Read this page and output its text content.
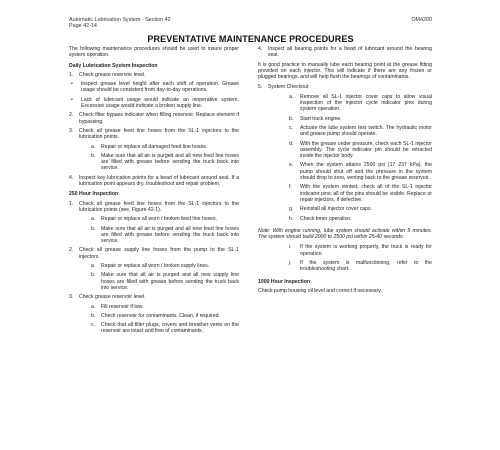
Automatic Lubrication System - Section 42
Page 42-14
OM4200
PREVENTATIVE MAINTENANCE PROCEDURES

The following maintenance procedures should be used to insure proper system operation.

Daily Lubrication System Inspection
1.	Check grease reservoir level.
•	Inspect grease level height after each shift of operation. Grease usage should be consistent from day-to-day operations.
•	Lack of lubricant usage would indicate an inoperative system. Excessive usage would indicate a broken supply line.
2.	Check filter bypass indicator when filling reservoir. Replace element if bypassing.
3.	Check all grease feed line hoses from the SL-1 injectors to the lubrication points.
a.	Repair or replace all damaged feed line hoses.
b.	Make sure that all air is purged and all new feed line hoses are filled with grease before sending the truck back into service.
4.	Inspect key lubrication points for a bead of lubricant around seal. If a lubrication point appears dry, troubleshoot and repair problem.
250 Hour Inspection
1.	Check all grease feed line hoses from the SL-1 injectors to the lubrication points (see, Figure 42-1).
a.	Repair or replace all worn / broken feed line hoses.
b.	Make sure that all air is purged and all new feed line hoses are filled with grease before sending the truck back into service.
2.	Check all grease supply line hoses from the pump to the SL-1 injectors.
a.	Repair or replace all worn / broken supply lines.
b.	Make sure that all air is purged and all new supply line hoses are filled with grease before sending the truck back into service.
3.	Check grease reservoir level.
a.	Fill reservoir if low.
b.	Check reservoir for contaminants. Clean, if required.
c.	Check that all filler plugs, covers and breather vents on the reservoir are intact and free of contaminants.
4.	Inspect all bearing points for a bead of lubricant around the bearing seal.

It is good practice to manually lube each bearing point at the grease fitting provided on each injector. This will indicate if there are any frozen or plugged bearings, and will help flush the bearings of contaminants.

5.	System Checkout
a.	Remove all SL-1 injector cover caps to allow visual inspection of the injector cycle indicator pins during system operation.
b.	Start truck engine.
c.	Actuate the lube system test switch. The hydraulic motor and grease pump should operate.
d.	With the grease under pressure, check each SL-1 injector assembly. The cycle indicator pin should be retracted inside the injector body.
e.	When the system attains 2500 psi (17 237 kPa), the pump should shut off and the pressure in the system should drop to zero, venting back to the grease reservoir.
f.	With the system vented, check all of the SL-1 injector indicator pins; all of the pins should be visible. Replace or repair injectors, if defective.
g.	Reinstall all injector cover caps.
h.	Check timer operation.

Note: With engine running, lube system should activate within 5 minutes. The system should build 2000 to 2500 psi within 25-40 seconds.

i.	If the system is working properly, the truck is ready for operation.
j.	If the system is malfunctioning, refer to the troubleshooting chart.
1000 Hour Inspection

Check pump housing oil level and correct if necessary.
